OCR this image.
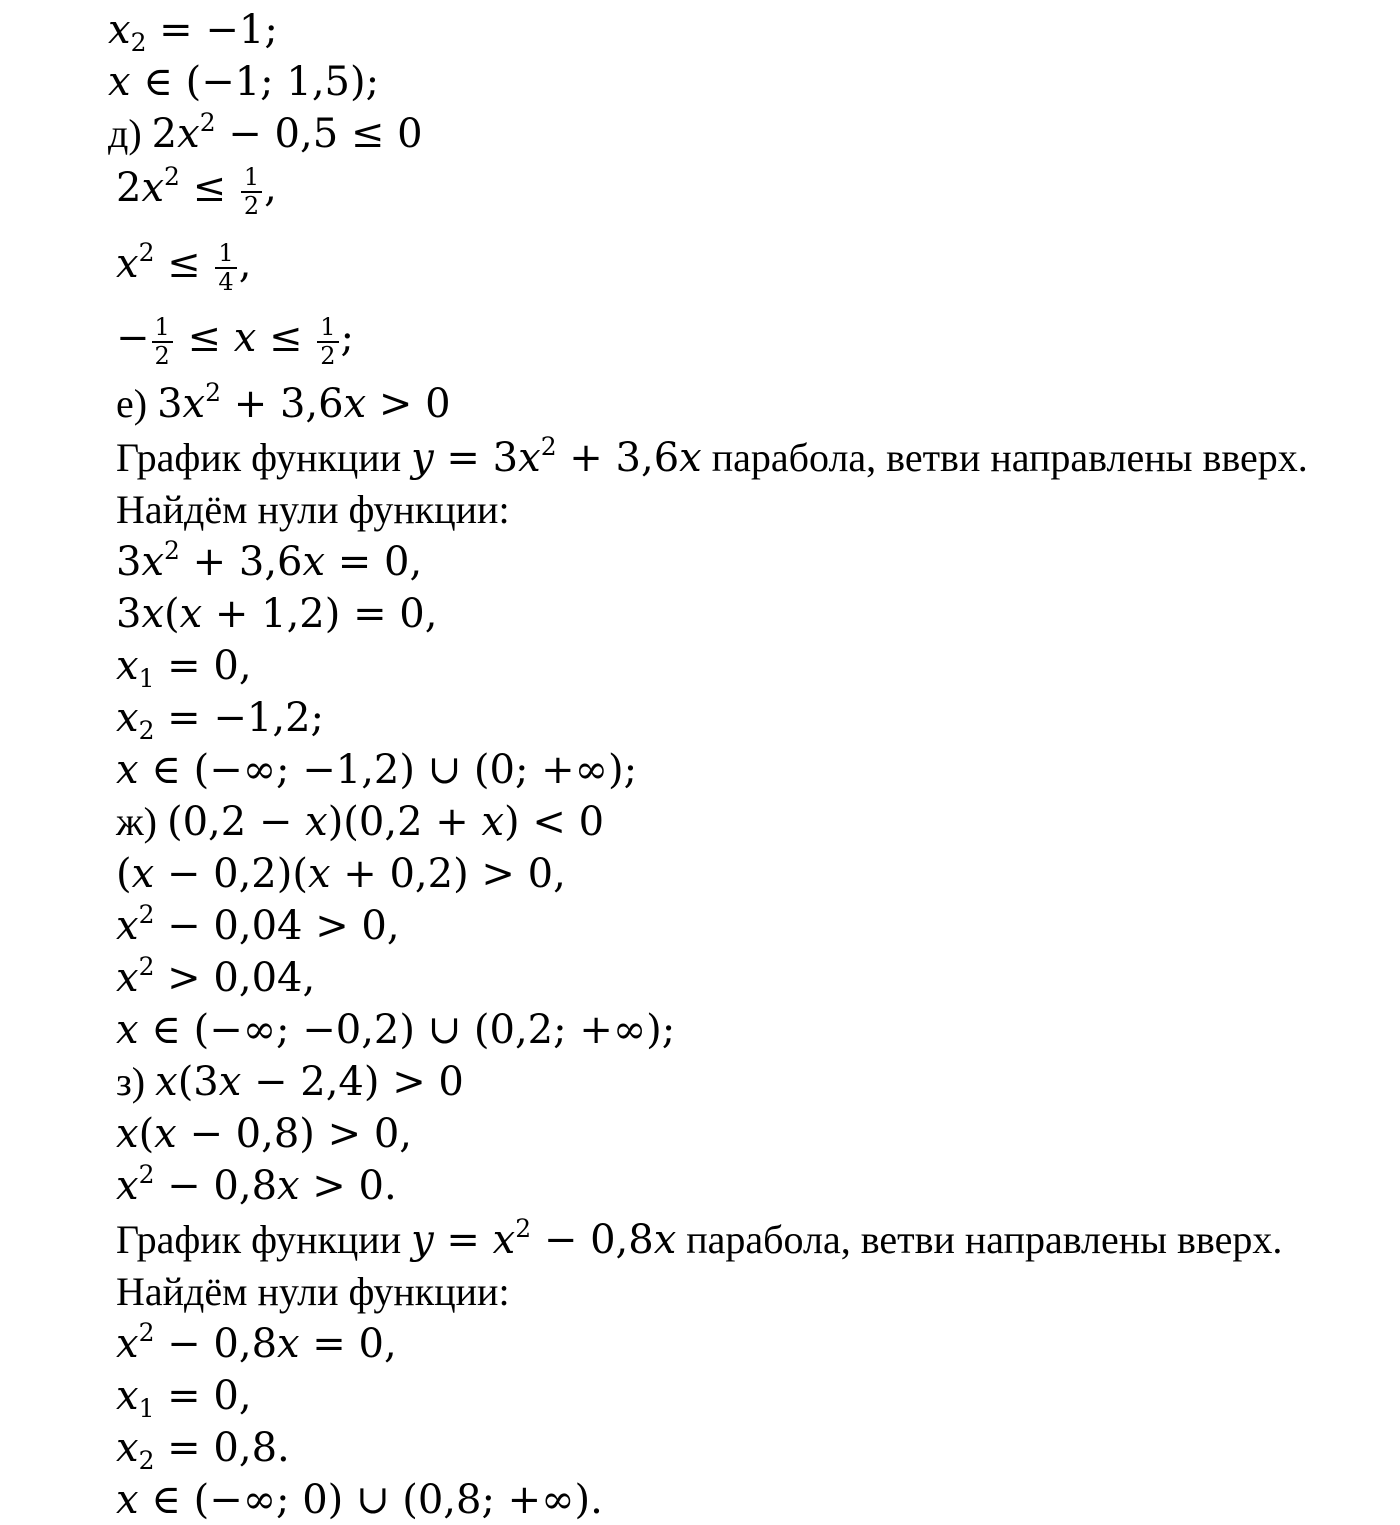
$x_2 = -1$;
x ∈ (−1; 1,5);
д) $2x^2 - 0,5 \le 0$
$2x^2 \le \frac{1}{2}$ ,
$x^2 \le \frac{1}{4}$ ,
− $\frac{1}{2} \le x \le \frac{1}{2}$ ;
е) $3x^2 + 3,6x > 0$
График функции $y = 3x^2 + 3,6x$ парабола, ветви направлены вверх.
Найдём нули функции:
$3x^2 + 3,6x = 0$,
3x(x + 1,2) = 0,
$x_1 = 0$,
$x_2 = -1,2$;
x ∈ (−∞; −1,2) ∪ (0; +∞);
ж) (0,2 − x)(0,2 + x) < 0
(x − 0,2)(x + 0,2) > 0,
$x^2 - 0,04 > 0$,
$x^2 > 0,04$,
x ∈ (−∞; −0,2) ∪ (0,2; +∞);
з) x(3x − 2,4) > 0
x(x − 0,8) > 0,
$x^2 - 0,8x > 0$.
График функции $y = x^2 - 0,8x$ парабола, ветви направлены вверх.
Найдём нули функции:
$x^2 - 0,8x = 0$,
$x_1 = 0$,
$x_2 = 0,8$.
x ∈ (−∞; 0) ∪ (0,8; +∞).
